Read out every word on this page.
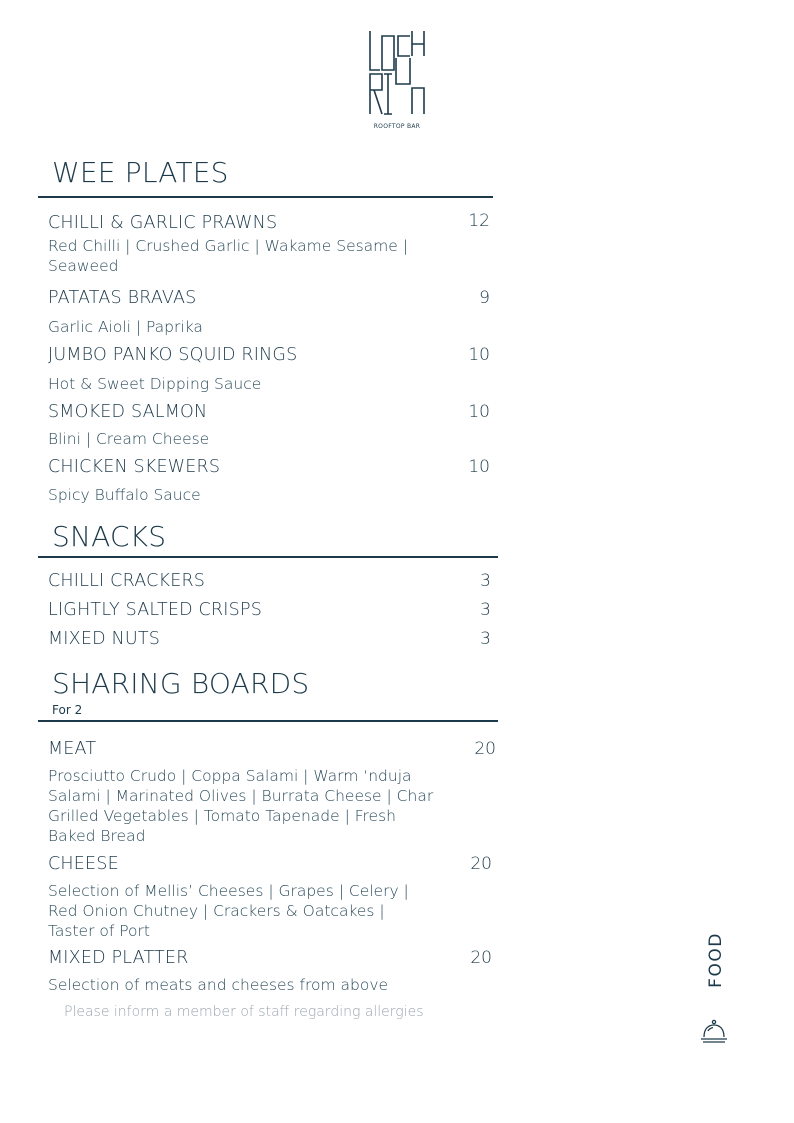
ROOFTOP BAR
WEE PLATES
CHILLI & GARLIC PRAWNS	12
Red Chilli | Crushed Garlic | Wakame Sesame | Seaweed
PATATAS BRAVAS	9
Garlic Aioli | Paprika
JUMBO PANKO SQUID RINGS	10
Hot & Sweet Dipping Sauce
SMOKED SALMON	10
Blini | Cream Cheese
CHICKEN SKEWERS	10
Spicy Buffalo Sauce
SNACKS
CHILLI CRACKERS	3
LIGHTLY SALTED CRISPS	3
MIXED NUTS	3
SHARING BOARDS
For 2
MEAT	20
Prosciutto Crudo | Coppa Salami | Warm ‘nduja Salami | Marinated Olives | Burrata Cheese | Char Grilled Vegetables | Tomato Tapenade | Fresh Baked Bread
CHEESE	20
Selection of Mellis’ Cheeses | Grapes | Celery | Red Onion Chutney | Crackers & Oatcakes | Taster of Port
MIXED PLATTER	20
Selection of meats and cheeses from above
Please inform a member of staff regarding allergies
FOOD
